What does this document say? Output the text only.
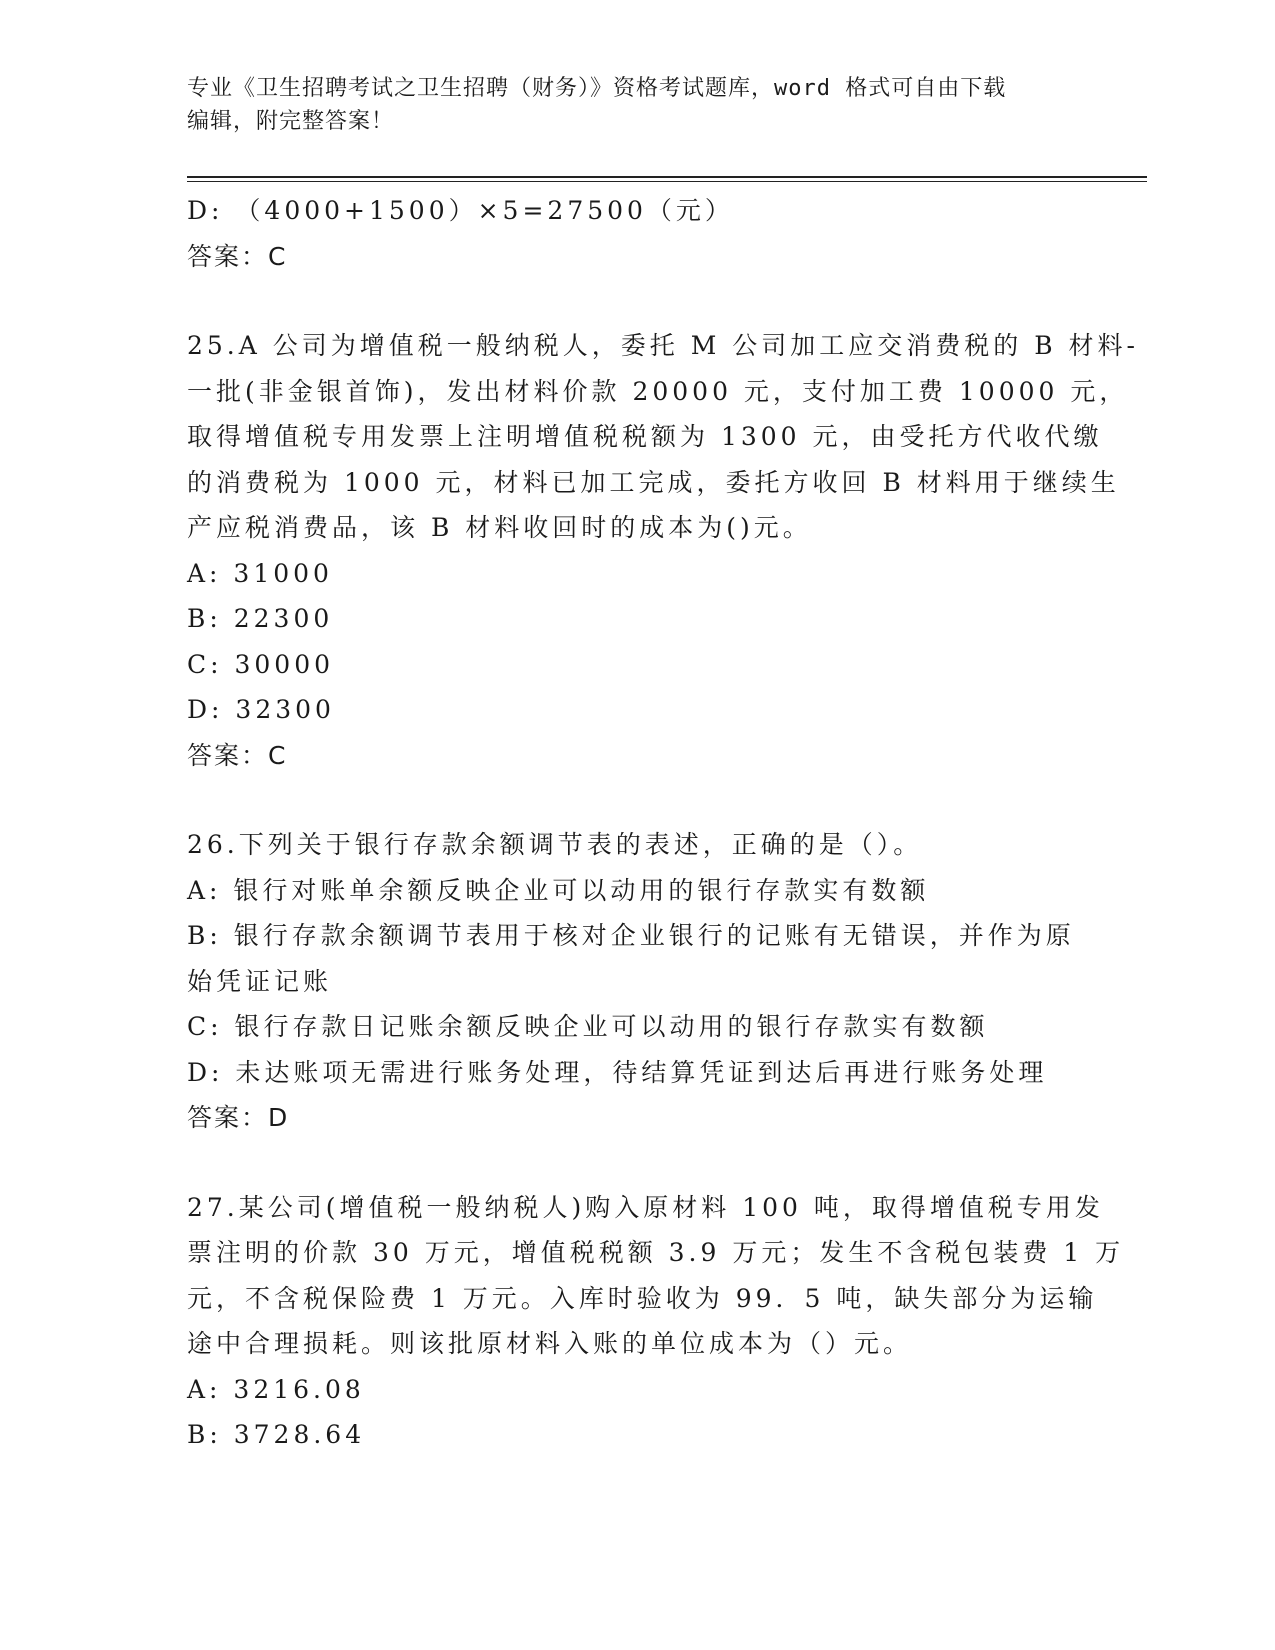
专业《卫生招聘考试之卫生招聘（财务）》资格考试题库，word 格式可自由下载
编辑，附完整答案！
D: （4000+1500）×5=27500（元）
答案：C
25.A 公司为增值税一般纳税人，委托 M 公司加工应交消费税的 B 材料-
一批(非金银首饰)，发出材料价款 20000 元，支付加工费 10000 元，
取得增值税专用发票上注明增值税税额为 1300 元，由受托方代收代缴
的消费税为 1000 元，材料已加工完成，委托方收回 B 材料用于继续生
产应税消费品，该 B 材料收回时的成本为()元。
A: 31000
B: 22300
C: 30000
D: 32300
答案：C
26.下列关于银行存款余额调节表的表述，正确的是（）。
A: 银行对账单余额反映企业可以动用的银行存款实有数额
B: 银行存款余额调节表用于核对企业银行的记账有无错误，并作为原
始凭证记账
C: 银行存款日记账余额反映企业可以动用的银行存款实有数额
D: 未达账项无需进行账务处理，待结算凭证到达后再进行账务处理
答案：D
27.某公司(增值税一般纳税人)购入原材料 100 吨，取得增值税专用发
票注明的价款 30 万元，增值税税额 3.9 万元；发生不含税包装费 1 万
元，不含税保险费 1 万元。入库时验收为 99．5 吨，缺失部分为运输
途中合理损耗。则该批原材料入账的单位成本为（）元。
A: 3216.08
B: 3728.64
